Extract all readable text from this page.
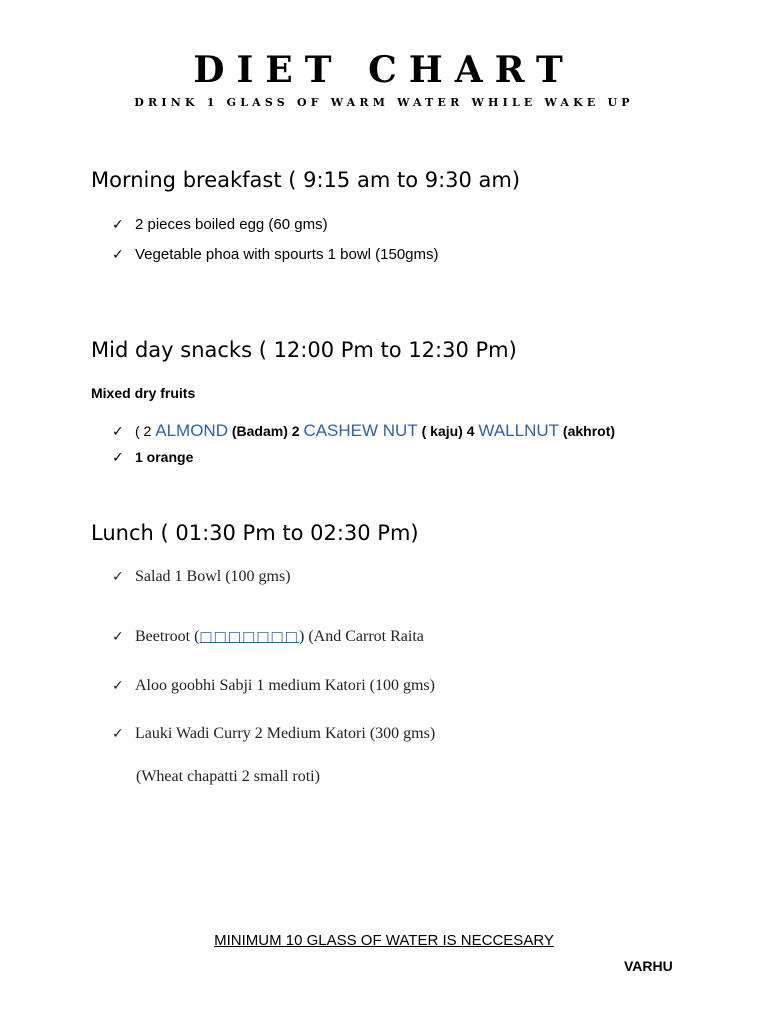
DIET CHART
DRINK 1 GLASS OF WARM WATER WHILE WAKE UP
Morning breakfast ( 9:15 am to 9:30 am)
✓ 2 pieces boiled egg (60 gms)
✓ Vegetable phoa with spourts 1 bowl (150gms)
Mid day snacks ( 12:00 Pm to 12:30 Pm)
Mixed dry fruits
✓ ( 2 ALMOND (Badam) 2 CASHEW NUT ( kaju) 4 WALLNUT (akhrot)
✓ 1 orange
Lunch ( 01:30 Pm to 02:30 Pm)
✓ Salad 1 Bowl (100 gms)
✓ Beetroot (□□□□□□□) (And Carrot Raita
✓ Aloo goobhi Sabji 1 medium Katori (100 gms)
✓ Lauki Wadi Curry 2 Medium Katori (300 gms)
(Wheat chapatti 2 small roti)
MINIMUM 10 GLASS OF WATER IS NECCESARY
VARHU
